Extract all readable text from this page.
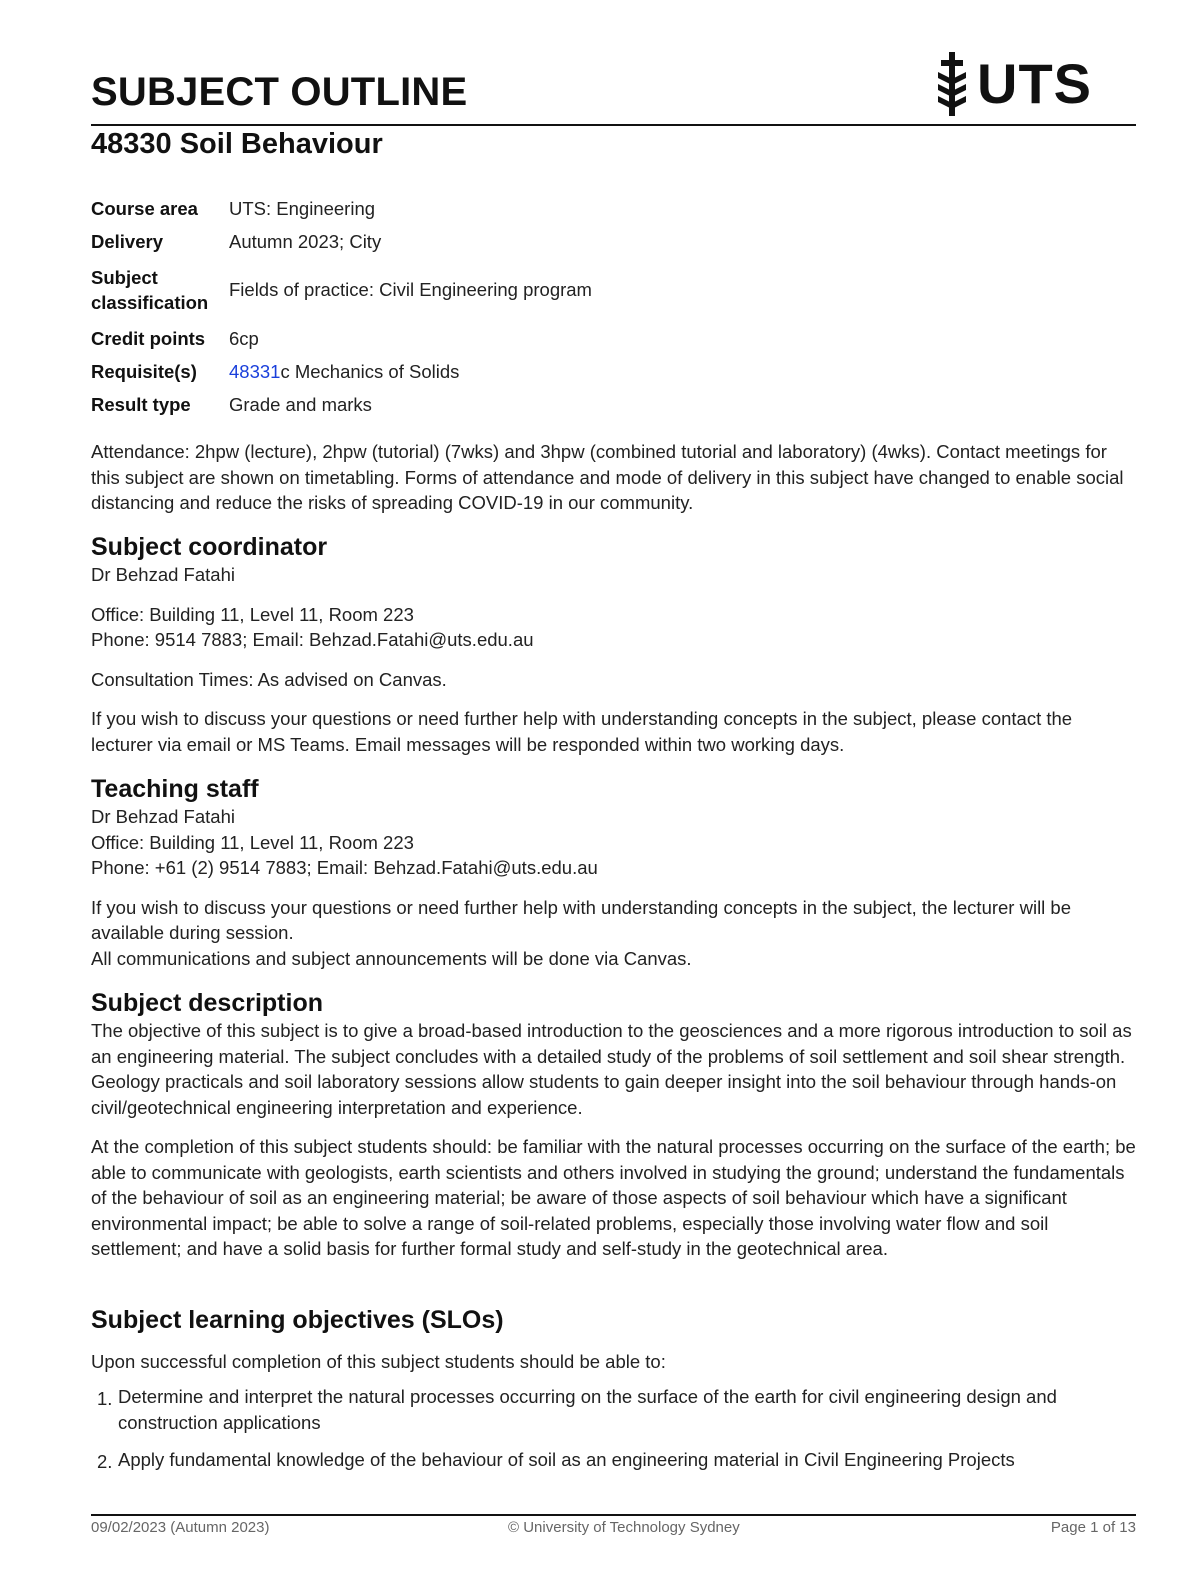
SUBJECT OUTLINE	UTS
48330 Soil Behaviour
Course area	UTS: Engineering
Delivery	Autumn 2023; City

Subject
classification	Fields of practice: Civil Engineering program
Credit points	6cp
Requisite(s)	48331c Mechanics of Solids
Result type	Grade and marks

Attendance: 2hpw (lecture), 2hpw (tutorial) (7wks) and 3hpw (combined tutorial and laboratory) (4wks). Contact meetings for this subject are shown on timetabling. Forms of attendance and mode of delivery in this subject have changed to enable social distancing and reduce the risks of spreading COVID-19 in our community.

Subject coordinator

Dr Behzad Fatahi

Office: Building 11, Level 11, Room 223

Phone: 9514 7883; Email: Behzad.Fatahi@uts.edu.au

Consultation Times: As advised on Canvas.

If you wish to discuss your questions or need further help with understanding concepts in the subject, please contact the lecturer via email or MS Teams. Email messages will be responded within two working days.

Teaching staff

Dr Behzad Fatahi

Office: Building 11, Level 11, Room 223

Phone: +61 (2) 9514 7883; Email: Behzad.Fatahi@uts.edu.au

If you wish to discuss your questions or need further help with understanding concepts in the subject, the lecturer will be available during session.

All communications and subject announcements will be done via Canvas.

Subject description

The objective of this subject is to give a broad-based introduction to the geosciences and a more rigorous introduction to soil as an engineering material. The subject concludes with a detailed study of the problems of soil settlement and soil shear strength. Geology practicals and soil laboratory sessions allow students to gain deeper insight into the soil behaviour through hands-on civil/geotechnical engineering interpretation and experience.

At the completion of this subject students should: be familiar with the natural processes occurring on the surface of the earth; be able to communicate with geologists, earth scientists and others involved in studying the ground; understand the fundamentals of the behaviour of soil as an engineering material; be aware of those aspects of soil behaviour which have a significant environmental impact; be able to solve a range of soil-related problems, especially those involving water flow and soil settlement; and have a solid basis for further formal study and self-study in the geotechnical area.

Subject learning objectives (SLOs)

Upon successful completion of this subject students should be able to:

1. Determine and interpret the natural processes occurring on the surface of the earth for civil engineering design and construction applications
2. Apply fundamental knowledge of the behaviour of soil as an engineering material in Civil Engineering Projects
09/02/2023 (Autumn 2023)	© University of Technology Sydney	Page 1 of 13
